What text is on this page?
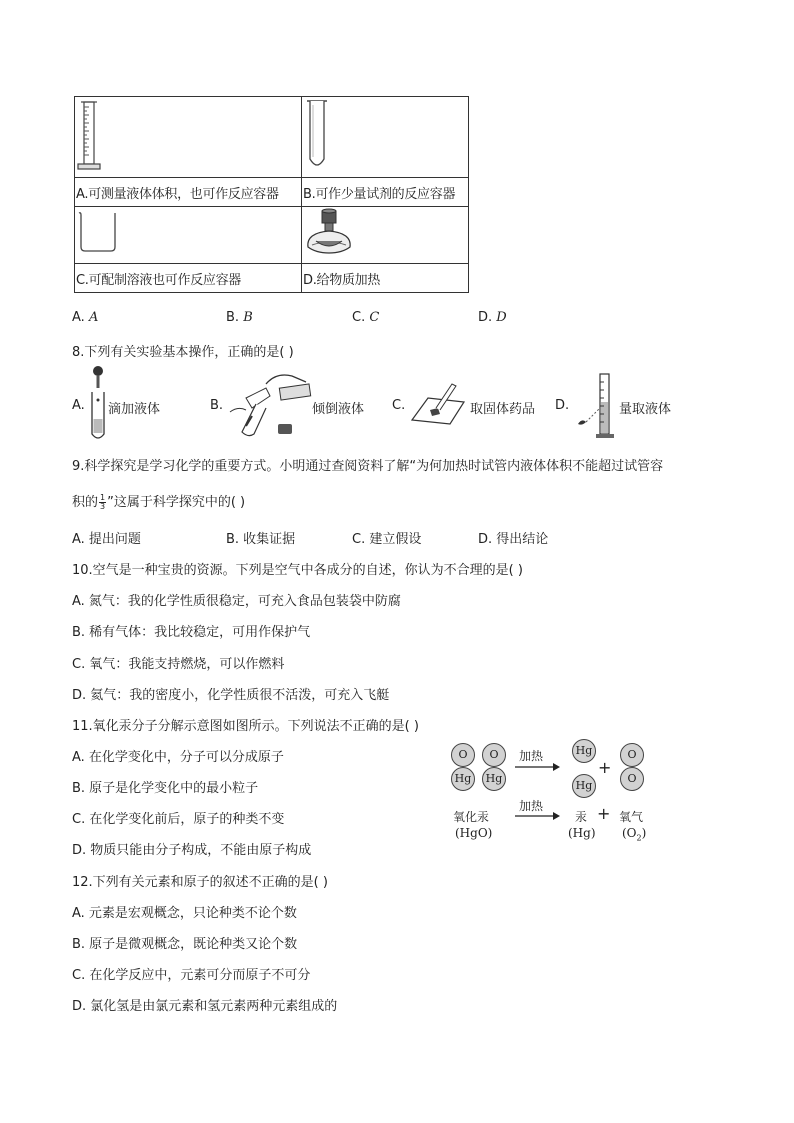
A.可测量液体体积，也可作反应容器	B.可作少量试剂的反应容器

C.可配制溶液也可作反应容器	D.给物质加热
A. A	B. B	C. C	D. D
8.下列有关实验基本操作，正确的是( )
A. 滴加液体	B.	倾倒液体 C.	取固体药品 D.	量取液体
9.科学探究是学习化学的重要方式。小明通过查阅资料了解“为何加热时试管内液体体积不能超过试管容
积的 $\frac{1}{3}$ ”这属于科学探究中的( )
A. 提出问题	B. 收集证据	C. 建立假设	D. 得出结论
10.空气是一种宝贵的资源。下列是空气中各成分的自述，你认为不合理的是( )
A. 氮气：我的化学性质很稳定，可充入食品包装袋中防腐
B. 稀有气体：我比较稳定，可用作保护气
C. 氧气：我能支持燃烧，可以作燃料
D. 氦气：我的密度小，化学性质很不活泼，可充入飞艇
11.氧化汞分子分解示意图如图所示。下列说法不正确的是( )
A. 在化学变化中，分子可以分成原子
B. 原子是化学变化中的最小粒子
C. 在化学变化前后，原子的种类不变
D. 物质只能由分子构成，不能由原子构成
O
Hg
O
Hg
加热	Hg
+
Hg
O
O
氧化汞
(HgO)
加热
→ 汞
(Hg)
+ 氧气
$(O_2)$
12.下列有关元素和原子的叙述不正确的是( )
A. 元素是宏观概念，只论种类不论个数
B. 原子是微观概念，既论种类又论个数
C. 在化学反应中，元素可分而原子不可分
D. 氯化氢是由氯元素和氢元素两种元素组成的
